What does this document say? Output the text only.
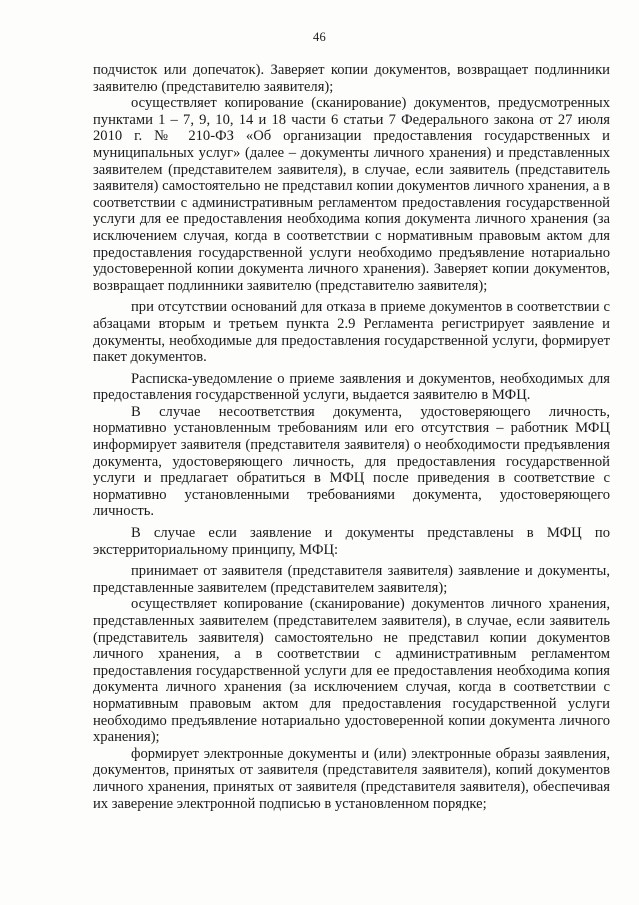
46

подчисток или допечаток). Заверяет копии документов, возвращает подлинники заявителю (представителю заявителя);

осуществляет копирование (сканирование) документов, предусмотренных пунктами 1 – 7, 9, 10, 14 и 18 части 6 статьи 7 Федерального закона от 27 июля 2010 г. № 210-ФЗ «Об организации предоставления государственных и муниципальных услуг» (далее – документы личного хранения) и представленных заявителем (представителем заявителя), в случае, если заявитель (представитель заявителя) самостоятельно не представил копии документов личного хранения, а в соответствии с административным регламентом предоставления государственной услуги для ее предоставления необходима копия документа личного хранения (за исключением случая, когда в соответствии с нормативным правовым актом для предоставления государственной услуги необходимо предъявление нотариально удостоверенной копии документа личного хранения). Заверяет копии документов, возвращает подлинники заявителю (представителю заявителя);

при отсутствии оснований для отказа в приеме документов в соответствии с абзацами вторым и третьем пункта 2.9 Регламента регистрирует заявление и документы, необходимые для предоставления государственной услуги, формирует пакет документов.

Расписка-уведомление о приеме заявления и документов, необходимых для предоставления государственной услуги, выдается заявителю в МФЦ.

В случае несоответствия документа, удостоверяющего личность, нормативно установленным требованиям или его отсутствия – работник МФЦ информирует заявителя (представителя заявителя) о необходимости предъявления документа, удостоверяющего личность, для предоставления государственной услуги и предлагает обратиться в МФЦ после приведения в соответствие с нормативно установленными требованиями документа, удостоверяющего личность.

В случае если заявление и документы представлены в МФЦ по экстерриториальному принципу, МФЦ:

принимает от заявителя (представителя заявителя) заявление и документы, представленные заявителем (представителем заявителя);

осуществляет копирование (сканирование) документов личного хранения, представленных заявителем (представителем заявителя), в случае, если заявитель (представитель заявителя) самостоятельно не представил копии документов личного хранения, а в соответствии с административным регламентом предоставления государственной услуги для ее предоставления необходима копия документа личного хранения (за исключением случая, когда в соответствии с нормативным правовым актом для предоставления государственной услуги необходимо предъявление нотариально удостоверенной копии документа личного хранения);

формирует электронные документы и (или) электронные образы заявления, документов, принятых от заявителя (представителя заявителя), копий документов личного хранения, принятых от заявителя (представителя заявителя), обеспечивая их заверение электронной подписью в установленном порядке;
